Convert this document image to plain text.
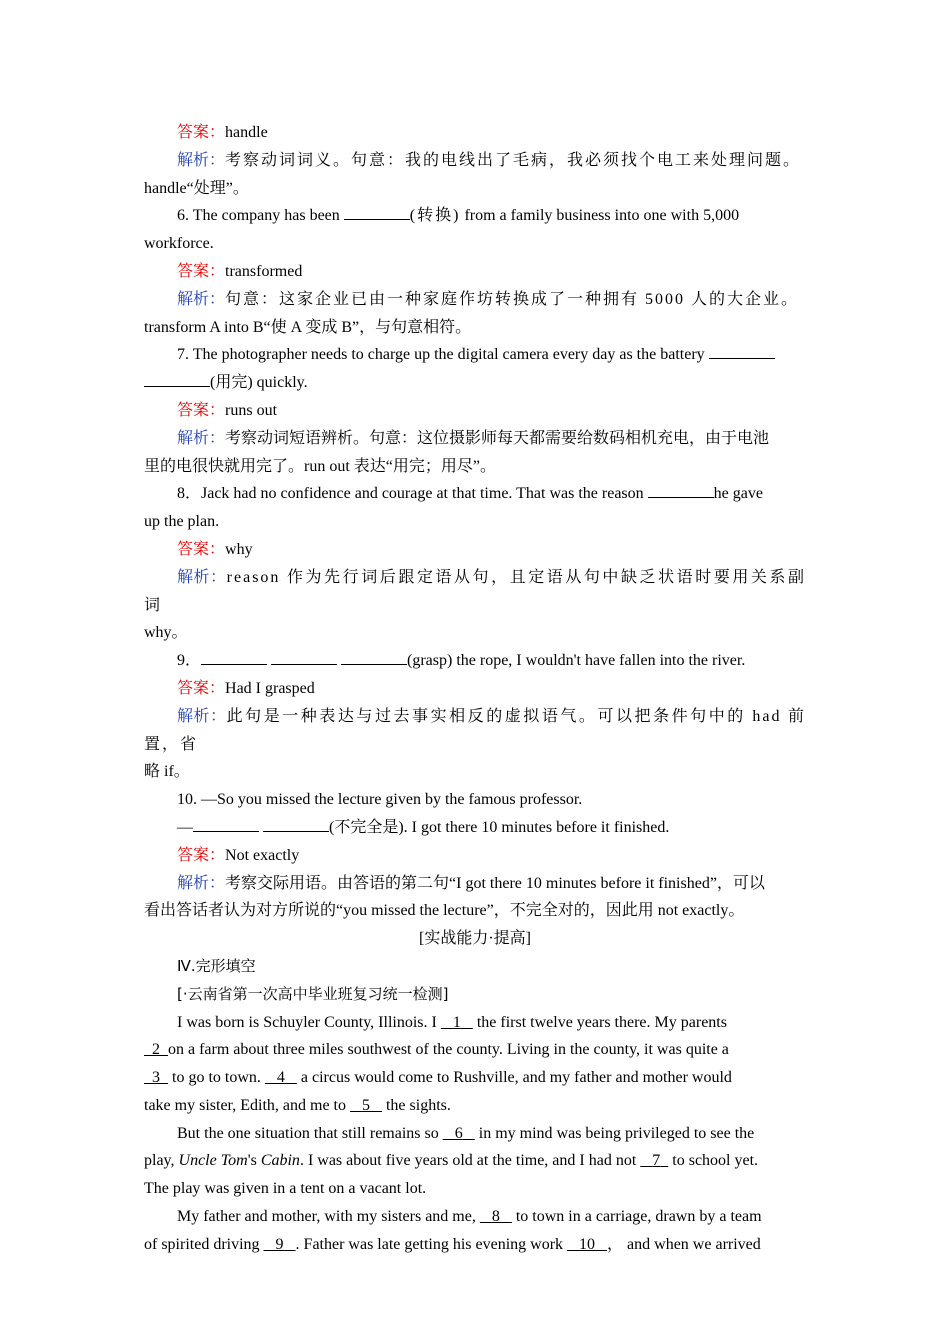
答案：handle

解析：考察动词词义。句意：我的电线出了毛病，我必须找个电工来处理问题。

handle“处理”。

6. The company has been	(转换) from a family business into one with 5,000

workforce.

答案：transformed

解析：句意：这家企业已由一种家庭作坊转换成了一种拥有 5000 人的大企业。

transform A into B“使 A 变成 B”，与句意相符。

7. The photographer needs to charge up the digital camera every day as the battery

(用完) quickly.

答案：runs out

解析：考察动词短语辨析。句意：这位摄影师每天都需要给数码相机充电，由于电池

里的电很快就用完了。run out 表达“用完；用尽”。

8．Jack had no confidence and courage at that time. That was the reason	he gave

up the plan.

答案：why

解析：reason 作为先行词后跟定语从句，且定语从句中缺乏状语时要用关系副词

why。

9．	(grasp) the rope, I wouldn't have fallen into the river.

答案：Had I grasped

解析：此句是一种表达与过去事实相反的虚拟语气。可以把条件句中的 had 前置，省

略 if。

10. —So you missed the lecture given by the famous professor.

—	(不完全是). I got there 10 minutes before it finished.

答案：Not exactly

解析：考察交际用语。由答语的第二句“I got there 10 minutes before it finished”，可以

看出答话者认为对方所说的“you missed the lecture”，不完全对的，因此用 not exactly。

[实战能力·提高]

Ⅳ.完形填空

[·云南省第一次高中毕业班复习统一检测]

I was born is Schuyler County, Illinois. I    1    the first twelve years there. My parents

2 on a farm about three miles southwest of the county. Living in the county, it was quite a

3   to go to town.    4    a circus would come to Rushville, and my father and mother would

take my sister, Edith, and me to    5    the sights.

But the one situation that still remains so    6    in my mind was being privileged to see the

play, Uncle Tom's Cabin. I was about five years old at the time, and I had not    7   to school yet.

The play was given in a tent on a vacant lot.

My father and mother, with my sisters and me,    8    to town in a carriage, drawn by a team

of spirited driving    9 . Father was late getting his evening work    10 ， and when we arrived
